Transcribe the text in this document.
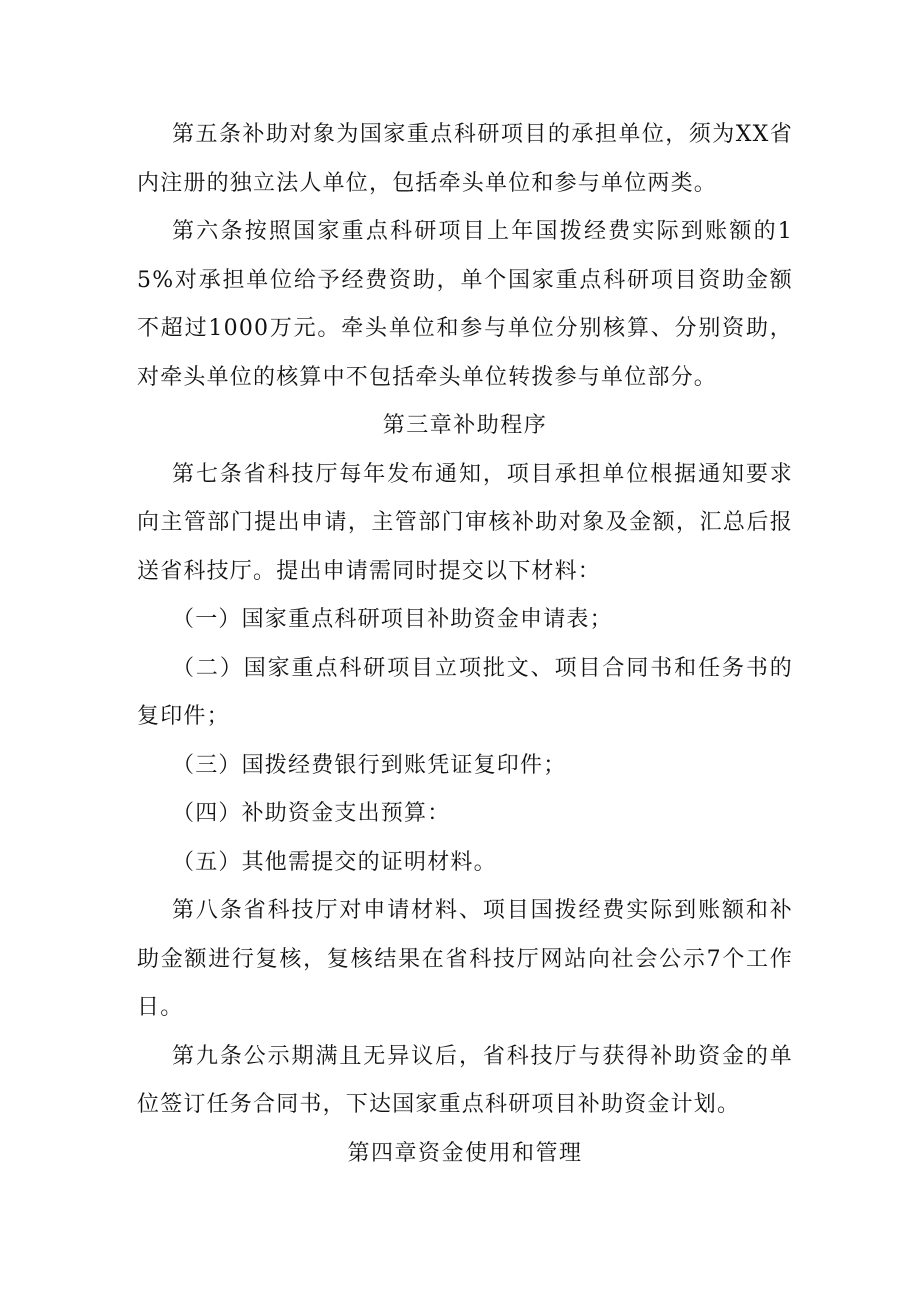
第五条补助对象为国家重点科研项目的承担单位，须为XX省内注册的独立法人单位，包括牵头单位和参与单位两类。

第六条按照国家重点科研项目上年国拨经费实际到账额的15%对承担单位给予经费资助，单个国家重点科研项目资助金额不超过1000万元。牵头单位和参与单位分别核算、分别资助，对牵头单位的核算中不包括牵头单位转拨参与单位部分。

第三章补助程序

第七条省科技厅每年发布通知，项目承担单位根据通知要求向主管部门提出申请，主管部门审核补助对象及金额，汇总后报送省科技厅。提出申请需同时提交以下材料：

（一）国家重点科研项目补助资金申请表；

（二）国家重点科研项目立项批文、项目合同书和任务书的复印件；

（三）国拨经费银行到账凭证复印件；

（四）补助资金支出预算：

（五）其他需提交的证明材料。

第八条省科技厅对申请材料、项目国拨经费实际到账额和补助金额进行复核，复核结果在省科技厅网站向社会公示7个工作日。

第九条公示期满且无异议后，省科技厅与获得补助资金的单位签订任务合同书，下达国家重点科研项目补助资金计划。

第四章资金使用和管理
